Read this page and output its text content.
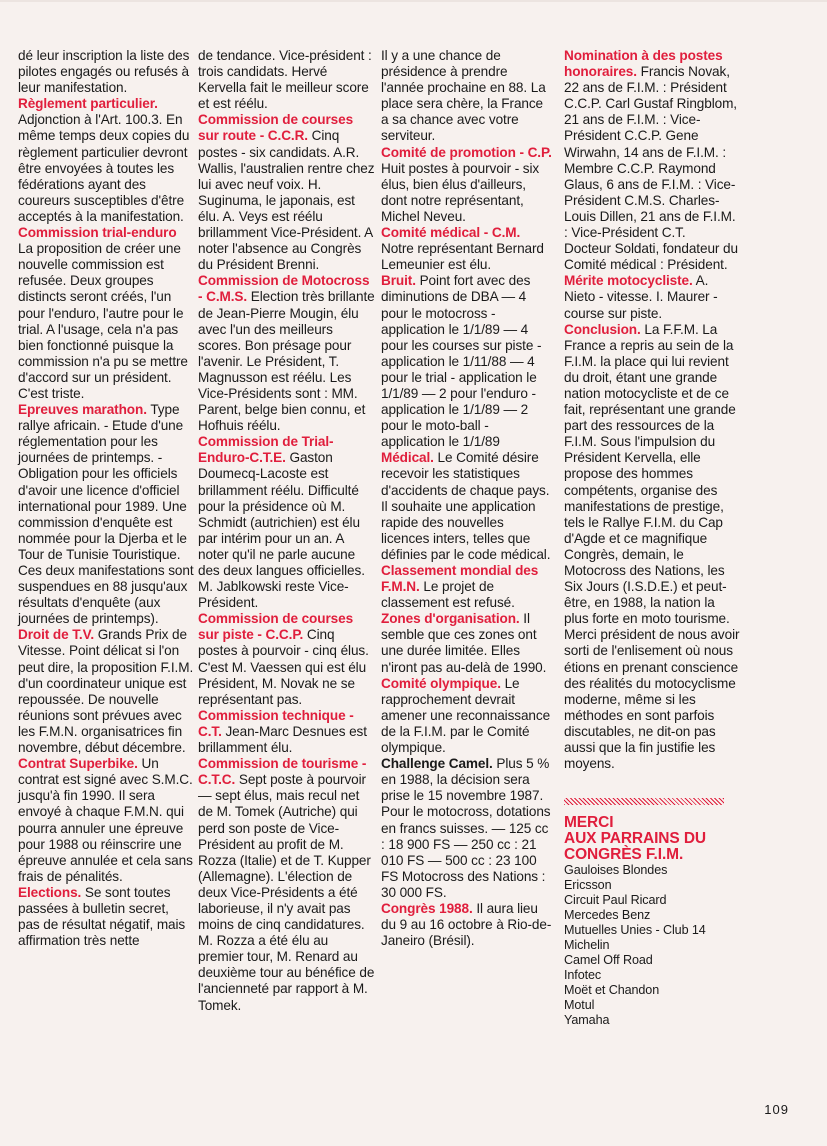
dé leur inscription la liste des pilotes engagés ou refusés à leur manifestation.

Règlement particulier. Adjonction à l'Art. 100.3. En même temps deux copies du règlement particulier devront être envoyées à toutes les fédérations ayant des coureurs susceptibles d'être acceptés à la manifestation.

Commission trial-enduro La proposition de créer une nouvelle commission est refusée. Deux groupes distincts seront créés, l'un pour l'enduro, l'autre pour le trial. A l'usage, cela n'a pas bien fonctionné puisque la commission n'a pu se mettre d'accord sur un président. C'est triste.

Epreuves marathon. Type rallye africain. - Etude d'une réglementation pour les journées de printemps. - Obligation pour les officiels d'avoir une licence d'officiel international pour 1989. Une commission d'enquête est nommée pour la Djerba et le Tour de Tunisie Touristique. Ces deux manifestations sont suspendues en 88 jusqu'aux résultats d'enquête (aux journées de printemps).

Droit de T.V. Grands Prix de Vitesse. Point délicat si l'on peut dire, la proposition F.I.M. d'un coordinateur unique est repoussée. De nouvelle réunions sont prévues avec les F.M.N. organisatrices fin novembre, début décembre.

Contrat Superbike. Un contrat est signé avec S.M.C. jusqu'à fin 1990. Il sera envoyé à chaque F.M.N. qui pourra annuler une épreuve pour 1988 ou réinscrire une épreuve annulée et cela sans frais de pénalités.

Elections. Se sont toutes passées à bulletin secret, pas de résultat négatif, mais affirmation très nette

de tendance. Vice-président : trois candidats. Hervé Kervella fait le meilleur score et est réélu.

Commission de courses sur route - C.C.R. Cinq postes - six candidats. A.R. Wallis, l'australien rentre chez lui avec neuf voix. H. Suginuma, le japonais, est élu. A. Veys est réélu brillamment Vice-Président. A noter l'absence au Congrès du Président Brenni.

Commission de Motocross - C.M.S. Election très brillante de Jean-Pierre Mougin, élu avec l'un des meilleurs scores. Bon présage pour l'avenir. Le Président, T. Magnusson est réélu. Les Vice-Présidents sont : MM. Parent, belge bien connu, et Hofhuis réélu.

Commission de Trial-Enduro-C.T.E. Gaston Doumecq-Lacoste est brillamment réélu. Difficulté pour la présidence où M. Schmidt (autrichien) est élu par intérim pour un an. A noter qu'il ne parle aucune des deux langues officielles. M. Jablkowski reste Vice-Président.

Commission de courses sur piste - C.C.P. Cinq postes à pourvoir - cinq élus. C'est M. Vaessen qui est élu Président, M. Novak ne se représentant pas.

Commission technique - C.T. Jean-Marc Desnues est brillamment élu.

Commission de tourisme - C.T.C. Sept poste à pourvoir — sept élus, mais recul net de M. Tomek (Autriche) qui perd son poste de Vice-Président au profit de M. Rozza (Italie) et de T. Kupper (Allemagne). L'élection de deux Vice-Présidents a été laborieuse, il n'y avait pas moins de cinq candidatures. M. Rozza a été élu au premier tour, M. Renard au deuxième tour au bénéfice de l'ancienneté par rapport à M. Tomek.

Il y a une chance de présidence à prendre l'année prochaine en 88. La place sera chère, la France a sa chance avec votre serviteur.

Comité de promotion - C.P. Huit postes à pourvoir - six élus, bien élus d'ailleurs, dont notre représentant, Michel Neveu.

Comité médical - C.M. Notre représentant Bernard Lemeunier est élu.

Bruit. Point fort avec des diminutions de DBA — 4 pour le motocross - application le 1/1/89 — 4 pour les courses sur piste - application le 1/11/88 — 4 pour le trial - application le 1/1/89 — 2 pour l'enduro - application le 1/1/89 — 2 pour le moto-ball - application le 1/1/89

Médical. Le Comité désire recevoir les statistiques d'accidents de chaque pays. Il souhaite une application rapide des nouvelles licences inters, telles que définies par le code médical.

Classement mondial des F.M.N. Le projet de classement est refusé.

Zones d'organisation. Il semble que ces zones ont une durée limitée. Elles n'iront pas au-delà de 1990.

Comité olympique. Le rapprochement devrait amener une reconnaissance de la F.I.M. par le Comité olympique.

Challenge Camel. Plus 5 % en 1988, la décision sera prise le 15 novembre 1987. Pour le motocross, dotations en francs suisses. — 125 cc : 18 900 FS — 250 cc : 21 010 FS — 500 cc : 23 100 FS Motocross des Nations : 30 000 FS.

Congrès 1988. Il aura lieu du 9 au 16 octobre à Rio-de-Janeiro (Brésil).

Nomination à des postes honoraires. Francis Novak, 22 ans de F.I.M. : Président C.C.P. Carl Gustaf Ringblom, 21 ans de F.I.M. : Vice-Président C.C.P. Gene Wirwahn, 14 ans de F.I.M. : Membre C.C.P. Raymond Glaus, 6 ans de F.I.M. : Vice-Président C.M.S. Charles-Louis Dillen, 21 ans de F.I.M. : Vice-Président C.T.

Docteur Soldati, fondateur du Comité médical : Président.

Mérite motocycliste. A. Nieto - vitesse. I. Maurer - course sur piste.

Conclusion. La F.F.M. La France a repris au sein de la F.I.M. la place qui lui revient du droit, étant une grande nation motocycliste et de ce fait, représentant une grande part des ressources de la F.I.M. Sous l'impulsion du Président Kervella, elle propose des hommes compétents, organise des manifestations de prestige, tels le Rallye F.I.M. du Cap d'Agde et ce magnifique Congrès, demain, le Motocross des Nations, les Six Jours (I.S.D.E.) et peut-être, en 1988, la nation la plus forte en moto tourisme. Merci président de nous avoir sorti de l'enlisement où nous étions en prenant conscience des réalités du motocyclisme moderne, même si les méthodes en sont parfois discutables, ne dit-on pas aussi que la fin justifie les moyens.

MERCI
AUX PARRAINS DU
CONGRÈS F.I.M.

Gauloises Blondes
Ericsson
Circuit Paul Ricard
Mercedes Benz
Mutuelles Unies - Club 14
Michelin
Camel Off Road
Infotec
Moët et Chandon
Motul
Yamaha
109
